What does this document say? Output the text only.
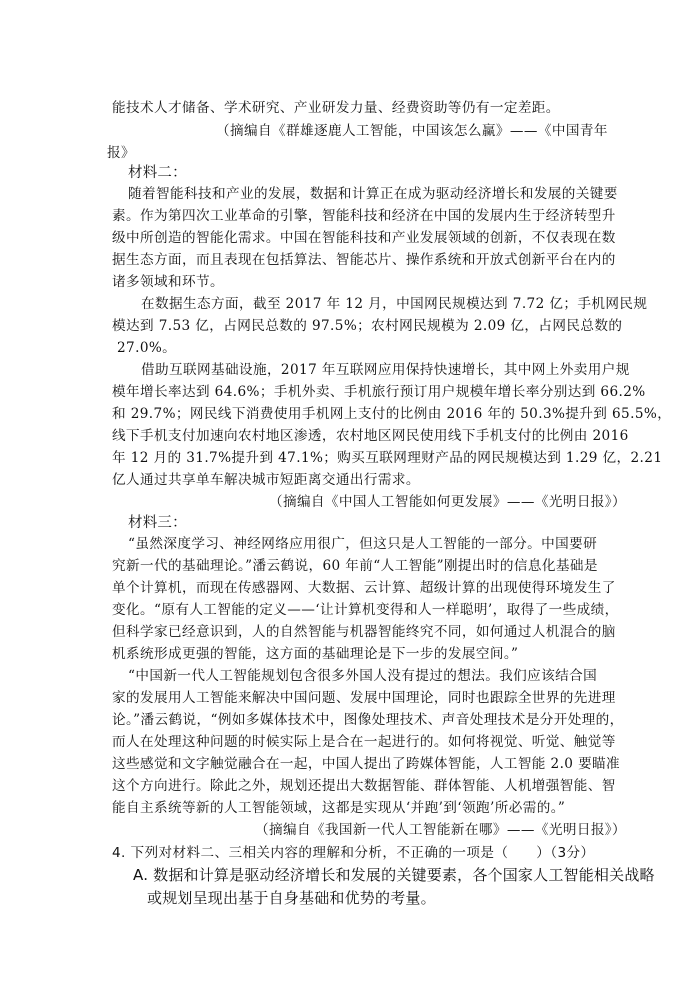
能技术人才储备、学术研究、产业研发力量、经费资助等仍有一定差距。
（摘编自《群雄逐鹿人工智能，中国该怎么赢》——《中国青年
报》
材料二：
随着智能科技和产业的发展，数据和计算正在成为驱动经济增长和发展的关键要
素。作为第四次工业革命的引擎，智能科技和经济在中国的发展内生于经济转型升
级中所创造的智能化需求。中国在智能科技和产业发展领域的创新，不仅表现在数
据生态方面，而且表现在包括算法、智能芯片、操作系统和开放式创新平台在内的
诸多领域和环节。
在数据生态方面，截至 2017 年 12 月，中国网民规模达到 7.72 亿；手机网民规
模达到 7.53 亿，占网民总数的 97.5%；农村网民规模为 2.09 亿，占网民总数的
27.0%。
借助互联网基础设施，2017 年互联网应用保持快速增长，其中网上外卖用户规
模年增长率达到 64.6%；手机外卖、手机旅行预订用户规模年增长率分别达到 66.2%
和 29.7%；网民线下消费使用手机网上支付的比例由 2016 年的 50.3%提升到 65.5%，
线下手机支付加速向农村地区渗透，农村地区网民使用线下手机支付的比例由 2016
年 12 月的 31.7%提升到 47.1%；购买互联网理财产品的网民规模达到 1.29 亿，2.21
亿人通过共享单车解决城市短距离交通出行需求。
（摘编自《中国人工智能如何更发展》——《光明日报》）
材料三：
“虽然深度学习、神经网络应用很广，但这只是人工智能的一部分。中国要研
究新一代的基础理论。”潘云鹤说，60 年前“人工智能”刚提出时的信息化基础是
单个计算机，而现在传感器网、大数据、云计算、超级计算的出现使得环境发生了
变化。“原有人工智能的定义——‘让计算机变得和人一样聪明’，取得了一些成绩，
但科学家已经意识到，人的自然智能与机器智能终究不同，如何通过人机混合的脑
机系统形成更强的智能，这方面的基础理论是下一步的发展空间。”
“中国新一代人工智能规划包含很多外国人没有提过的想法。我们应该结合国
家的发展用人工智能来解决中国问题、发展中国理论，同时也跟踪全世界的先进理
论。”潘云鹤说，“例如多媒体技术中，图像处理技术、声音处理技术是分开处理的，
而人在处理这种问题的时候实际上是合在一起进行的。如何将视觉、听觉、触觉等
这些感觉和文字触觉融合在一起，中国人提出了跨媒体智能，人工智能 2.0 要瞄准
这个方向进行。除此之外，规划还提出大数据智能、群体智能、人机增强智能、智
能自主系统等新的人工智能领域，这都是实现从‘并跑’到‘领跑’所必需的。”
（摘编自《我国新一代人工智能新在哪》——《光明日报》）
4. 下列对材料二、三相关内容的理解和分析，不正确的一项是（　　）（3分）
A. 数据和计算是驱动经济增长和发展的关键要素，各个国家人工智能相关战略
或规划呈现出基于自身基础和优势的考量。
